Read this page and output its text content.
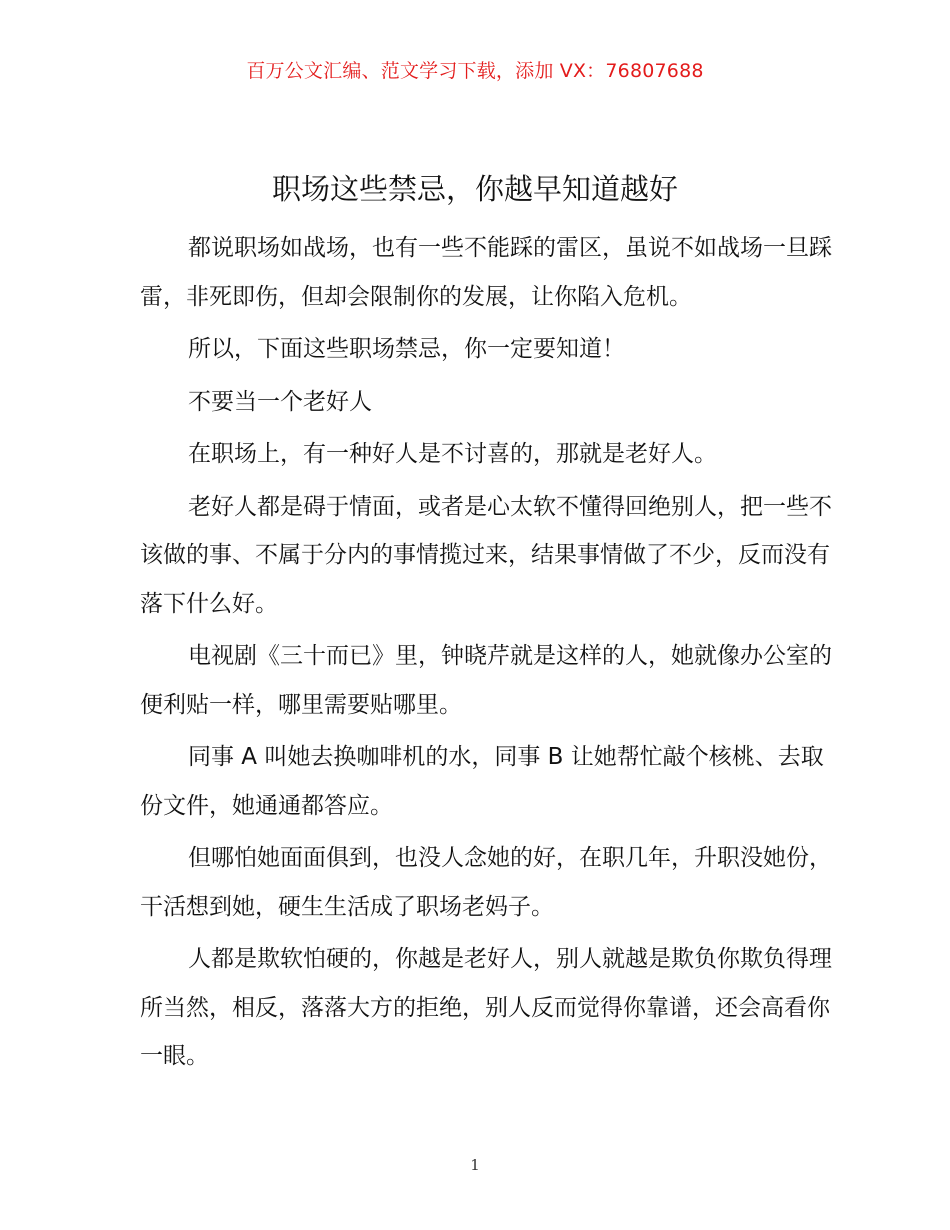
百万公文汇编、范文学习下载，添加 VX：76807688
职场这些禁忌，你越早知道越好

都说职场如战场，也有一些不能踩的雷区，虽说不如战场一旦踩雷，非死即伤，但却会限制你的发展，让你陷入危机。

所以，下面这些职场禁忌，你一定要知道！

不要当一个老好人

在职场上，有一种好人是不讨喜的，那就是老好人。

老好人都是碍于情面，或者是心太软不懂得回绝别人，把一些不该做的事、不属于分内的事情揽过来，结果事情做了不少，反而没有落下什么好。

电视剧《三十而已》里，钟晓芹就是这样的人，她就像办公室的便利贴一样，哪里需要贴哪里。

同事 A 叫她去换咖啡机的水，同事 B 让她帮忙敲个核桃、去取份文件，她通通都答应。

但哪怕她面面俱到，也没人念她的好，在职几年，升职没她份，干活想到她，硬生生活成了职场老妈子。

人都是欺软怕硬的，你越是老好人，别人就越是欺负你欺负得理所当然，相反，落落大方的拒绝，别人反而觉得你靠谱，还会高看你一眼。

1
